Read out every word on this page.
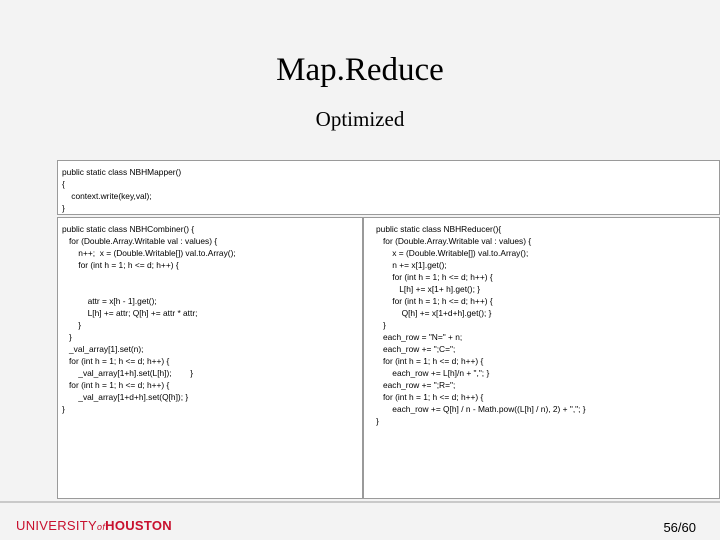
Map.Reduce
Optimized
public static class NBHMapper()
{
context.write(key,val);
}
public static class NBHCombiner() {
for (Double.Array.Writable val : values) {
n++;  x = (Double.Writable[]) val.to.Array();
for (int h = 1; h <= d; h++) {
attr = x[h - 1].get();
L[h] += attr; Q[h] += attr * attr;
}
}
_val_array[1].set(n);
for (int h = 1; h <= d; h++) {
_val_array[1+h].set(L[h]);        }
for (int h = 1; h <= d; h++) {
_val_array[1+d+h].set(Q[h]); }
}
public static class NBHReducer(){
for (Double.Array.Writable val : values) {
x = (Double.Writable[]) val.to.Array();
n += x[1].get();
for (int h = 1; h <= d; h++) {
L[h] += x[1+ h].get(); }
for (int h = 1; h <= d; h++) {
Q[h] += x[1+d+h].get(); }
}
each_row = "N=" + n;
each_row += ";C=";
for (int h = 1; h <= d; h++) {
each_row += L[h]/n + ","; }
each_row += ";R=";
for (int h = 1; h <= d; h++) {
each_row += Q[h] / n - Math.pow((L[h] / n), 2) + ","; }
}
UNIVERSITYofHOUSTON	56/60
